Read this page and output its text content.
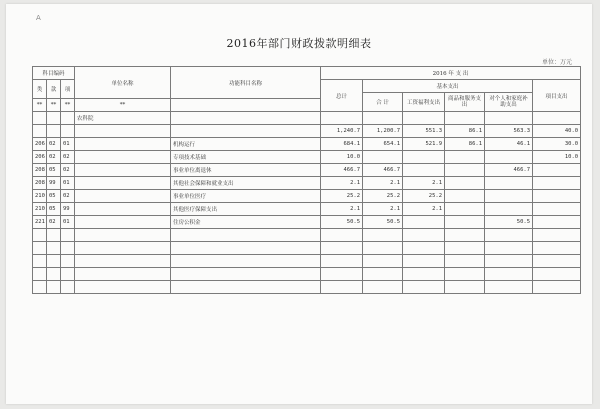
A
2016年部门财政拨款明细表
单位：万元
科目编码			单位名称	功能科目名称	2016 年 支 出					
类	款	项			总计	基本支出				项目支出
						合 计	工资福利支出	商品和服务支出	对个人和家庭补助支出	
**	**	**	**							
			农科院							
					1,240.7	1,200.7	551.3	86.1	563.3	40.0
206	02	01		机构运行	684.1	654.1	521.9	86.1	46.1	30.0
206	02	02		专项技术基础	10.0					10.0
208	05	02		事业单位离退休	466.7	466.7			466.7	
208	99	01		其他社会保障和就业支出	2.1	2.1	2.1			
210	05	02		事业单位医疗	25.2	25.2	25.2			
210	05	99		其他医疗保障支出	2.1	2.1	2.1			
221	02	01		住房公积金	50.5	50.5			50.5	
